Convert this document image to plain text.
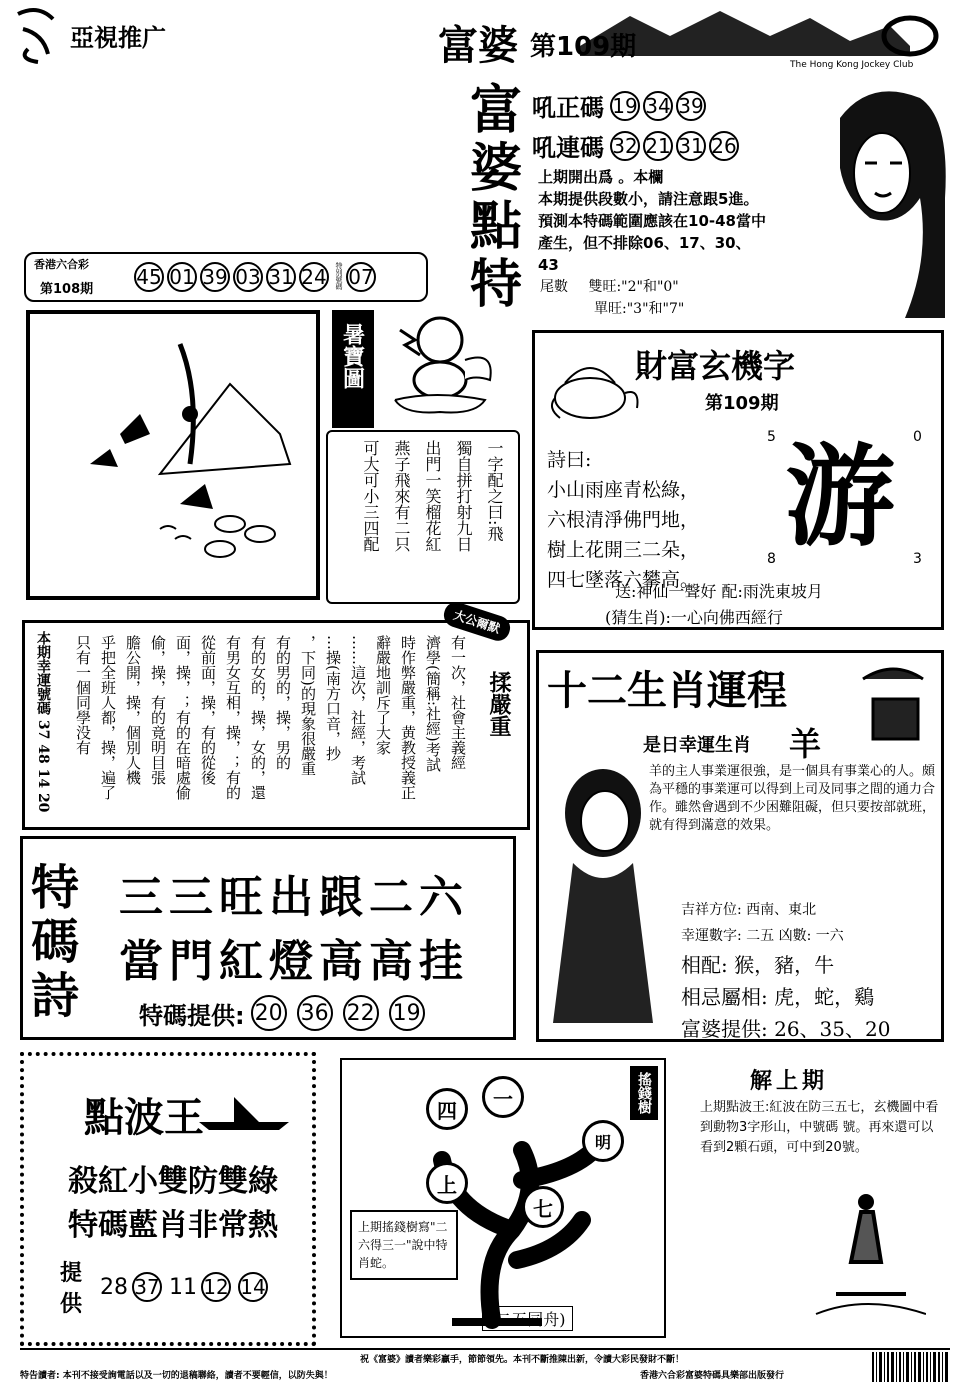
亞視推广	富婆 第109期
The Hong Kong Jockey Club
富
婆
點
特
吼正碼 19 34 39
吼連碼 32 21 31 26
上期開出爲 。本欄
本期提供段數小，請注意跟5進。
預測本特碼範圍應該在10-48當中
產生，但不排除06、17、30、
43
尾數 雙旺:"2"和"0"
單旺:"3"和"7"
香港六合彩
第108期
45 01 39 03 31 24	特別號碼 07
暑寶圖
一字配之曰:飛
獨自拼打射九日
出門一笑榴花紅
燕子飛來有二只
可大可小三四配
財富玄機字
第109期
詩曰:
小山雨座青松綠，
六根清淨佛門地，
樹上花開三二朵，
四七墜落六攀高。
5	0
8	3
游
送:神仙一聲好 配:雨洗東坡月
(猜生肖):一心向佛西經行
大公爾默
揉嚴重
有一次，社會主義經
濟學(簡稱:社經)考試
時作弊嚴重，黄教授義正
辭嚴地訓斥了大家
……這次，社經，考試
…操(南方口音，抄
，下同)的現象很嚴重
有的男的，操，男的
有的女的，操，女的，還
有男女互相，操，；有的
從前面，操，有的從後
面，操，；有的在暗處偷
偷，操，有的竟明目張
膽公開，操，個別人機
乎把全班人都，操，遍了
只有一個同學没有
本期幸運號碼 37 48 14 20	十二生肖運程
是日幸運生肖 羊
羊的主人事業運很強，是一個具有事業心的人。頗為平穩的事業運可以得到上司及同事之間的通力合作。雖然會遇到不少困難阻礙，但只要按部就班，就有得到滿意的效果。
吉祥方位: 西南、東北
幸運數字: 二五 凶數: 一六
相配: 猴，豬，牛
相忌屬相: 虎，蛇，鷄
富婆提供: 26、35、20
特
碼
詩
三三旺出跟二六
當門紅燈高高挂
特碼提供: 20 36 22 19
點波王
殺紅小雙防雙綠
特碼藍肖非常熱
提
供
28 37 11 12 14
搖錢樹
四	一
明
上
七
上期搖錢樹寫"二六得三一"說中特肖蛇。
(二五同舟)
解上期
上期點波王:紅波在防三五七，玄機圖中看到動物3字形山，中號碼 號。再來還可以看到2顆石頭，可中到20號。
祝《富婆》讀者樂彩贏手，節節領先。本刊不斷推陳出新，令讀大彩民發財不斷！
特告讀者: 本刊不接受詢電話以及一切的退稿聯絡，讀者不要輕信，以防失與！	香港六合彩富婆特碼具樂部出版發行
